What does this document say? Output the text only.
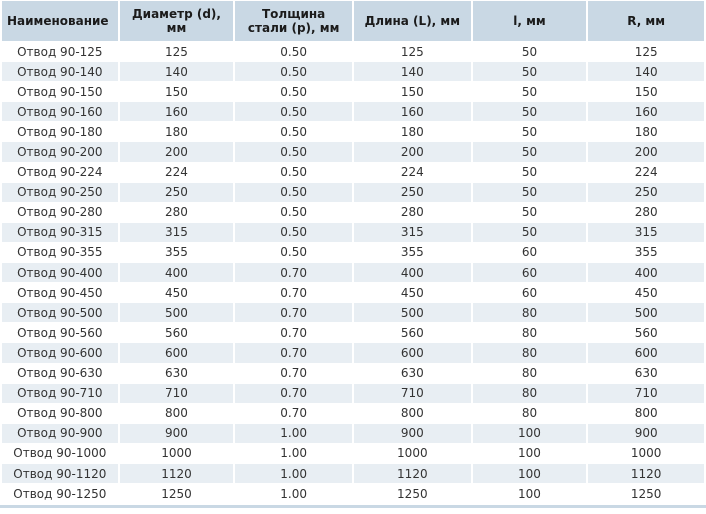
Наименование	Диаметр (d), мм	Толщина стали (p), мм	Длина (L), мм	l, мм	R, мм
Отвод 90-125	125	0.50	125	50	125
Отвод 90-140	140	0.50	140	50	140
Отвод 90-150	150	0.50	150	50	150
Отвод 90-160	160	0.50	160	50	160
Отвод 90-180	180	0.50	180	50	180
Отвод 90-200	200	0.50	200	50	200
Отвод 90-224	224	0.50	224	50	224
Отвод 90-250	250	0.50	250	50	250
Отвод 90-280	280	0.50	280	50	280
Отвод 90-315	315	0.50	315	50	315
Отвод 90-355	355	0.50	355	60	355
Отвод 90-400	400	0.70	400	60	400
Отвод 90-450	450	0.70	450	60	450
Отвод 90-500	500	0.70	500	80	500
Отвод 90-560	560	0.70	560	80	560
Отвод 90-600	600	0.70	600	80	600
Отвод 90-630	630	0.70	630	80	630
Отвод 90-710	710	0.70	710	80	710
Отвод 90-800	800	0.70	800	80	800
Отвод 90-900	900	1.00	900	100	900
Отвод 90-1000	1000	1.00	1000	100	1000
Отвод 90-1120	1120	1.00	1120	100	1120
Отвод 90-1250	1250	1.00	1250	100	1250
